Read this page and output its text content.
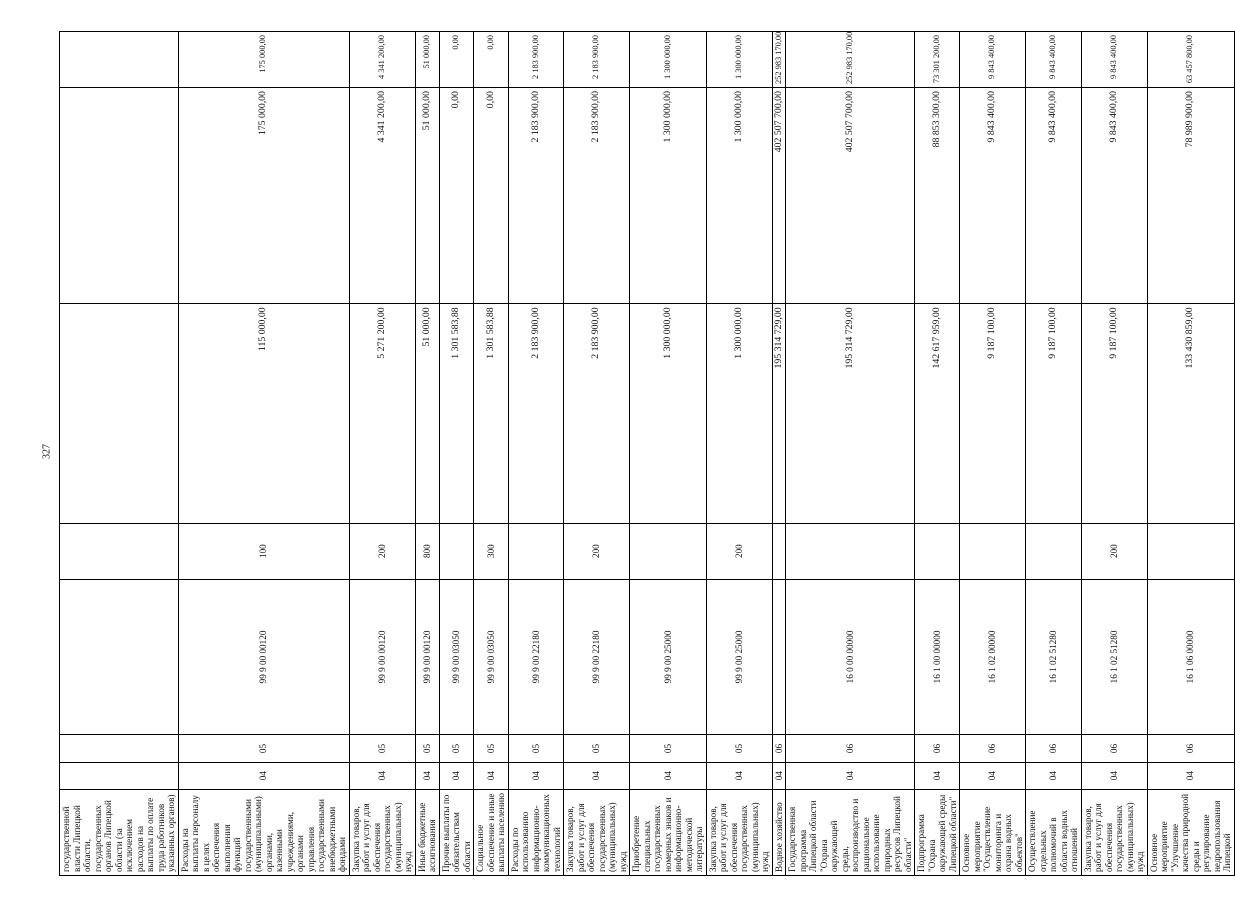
327
государственной власти Липецкой области, государственных органов Липецкой области (за исключением расходов на выплаты по оплате труда работников указанных органов)							
Расходы на выплаты персоналу в целях обеспечения выполнения функций государственными (муниципальными) органами, казенными учреждениями, органами управления государственными внебюджетными фондами	04	05	99 9 00 00120	100	115 000,00	175 000,00	175 000,00
Закупка товаров, работ и услуг для обеспечения государственных (муниципальных) нужд	04	05	99 9 00 00120	200	5 271 200,00	4 341 200,00	4 341 200,00
Иные бюджетные ассигнования	04	05	99 9 00 00120	800	51 000,00	51 000,00	51 000,00
Прочие выплаты по обязательствам области	04	05	99 9 00 03050		1 301 583,88	0,00	0,00
Социальное обеспечение и иные выплаты населению	04	05	99 9 00 03050	300	1 301 583,88	0,00	0,00
Расходы по использованию информационно-коммуникационных технологий	04	05	99 9 00 22180		2 183 900,00	2 183 900,00	2 183 900,00
Закупка товаров, работ и услуг для обеспечения государственных (муниципальных) нужд	04	05	99 9 00 22180	200	2 183 900,00	2 183 900,00	2 183 900,00
Приобретение специальных государственных номерных знаков и информационно-методической литературы	04	05	99 9 00 25000		1 300 000,00	1 300 000,00	1 300 000,00
Закупка товаров, работ и услуг для обеспечения государственных (муниципальных) нужд	04	05	99 9 00 25000	200	1 300 000,00	1 300 000,00	1 300 000,00
Водное хозяйство	04	06			195 314 729,00	402 507 700,00	252 983 170,00
Государственная программа Липецкой области "Охрана окружающей среды, воспроизводство и рациональное использование природных ресурсов Липецкой области"	04	06	16 0 00 00000		195 314 729,00	402 507 700,00	252 983 170,00
Подпрограмма "Охрана окружающей среды Липецкой области"	04	06	16 1 00 00000		142 617 959,00	88 853 300,00	73 301 200,00
Основное мероприятие "Осуществление мониторинга и охрана водных объектов"	04	06	16 1 02 00000		9 187 100,00	9 843 400,00	9 843 400,00
Осуществление отдельных полномочий в области водных отношений	04	06	16 1 02 51280		9 187 100,00	9 843 400,00	9 843 400,00
Закупка товаров, работ и услуг для обеспечения государственных (муниципальных) нужд	04	06	16 1 02 51280	200	9 187 100,00	9 843 400,00	9 843 400,00
Основное мероприятие "Улучшение качества природной среды и регулирование недропользования Липецкой	04	06	16 1 06 00000		133 430 859,00	78 989 900,00	63 457 800,00
